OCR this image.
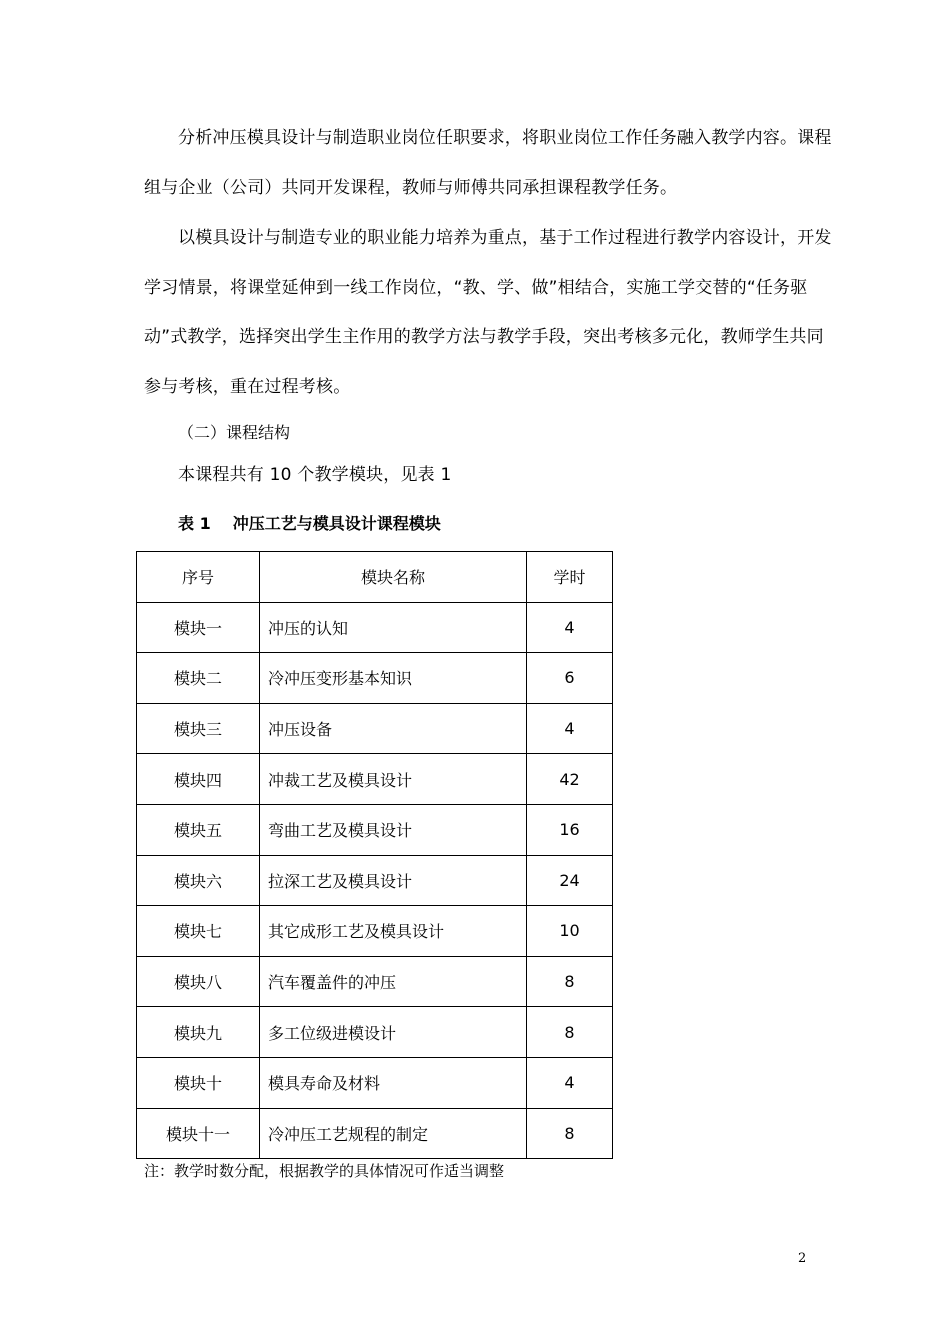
分析冲压模具设计与制造职业岗位任职要求，将职业岗位工作任务融入教学内容。课程
组与企业（公司）共同开发课程，教师与师傅共同承担课程教学任务。
以模具设计与制造专业的职业能力培养为重点，基于工作过程进行教学内容设计，开发
学习情景，将课堂延伸到一线工作岗位，“教、学、做”相结合，实施工学交替的“任务驱
动”式教学，选择突出学生主作用的教学方法与教学手段，突出考核多元化，教师学生共同
参与考核，重在过程考核。
（二）课程结构
本课程共有 10 个教学模块，见表 1
表 1 冲压工艺与模具设计课程模块
序号	模块名称	学时
模块一	冲压的认知	4
模块二	冷冲压变形基本知识	6
模块三	冲压设备	4
模块四	冲裁工艺及模具设计	42
模块五	弯曲工艺及模具设计	16
模块六	拉深工艺及模具设计	24
模块七	其它成形工艺及模具设计	10
模块八	汽车覆盖件的冲压	8
模块九	多工位级进模设计	8
模块十	模具寿命及材料	4
模块十一	冷冲压工艺规程的制定	8
注：教学时数分配，根据教学的具体情况可作适当调整
2
